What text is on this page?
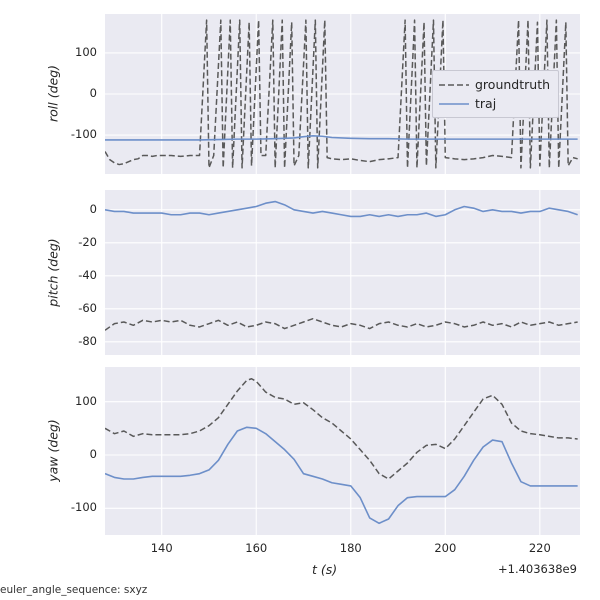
roll (deg)	groundtruth
traj
pitch (deg)
yaw (deg)
t (s)	+1.403638e9
euler_angle_sequence: sxyz
-100
0
100
-80
-60
-40
-20
0
-100
0
100
140	160	180	200	220
